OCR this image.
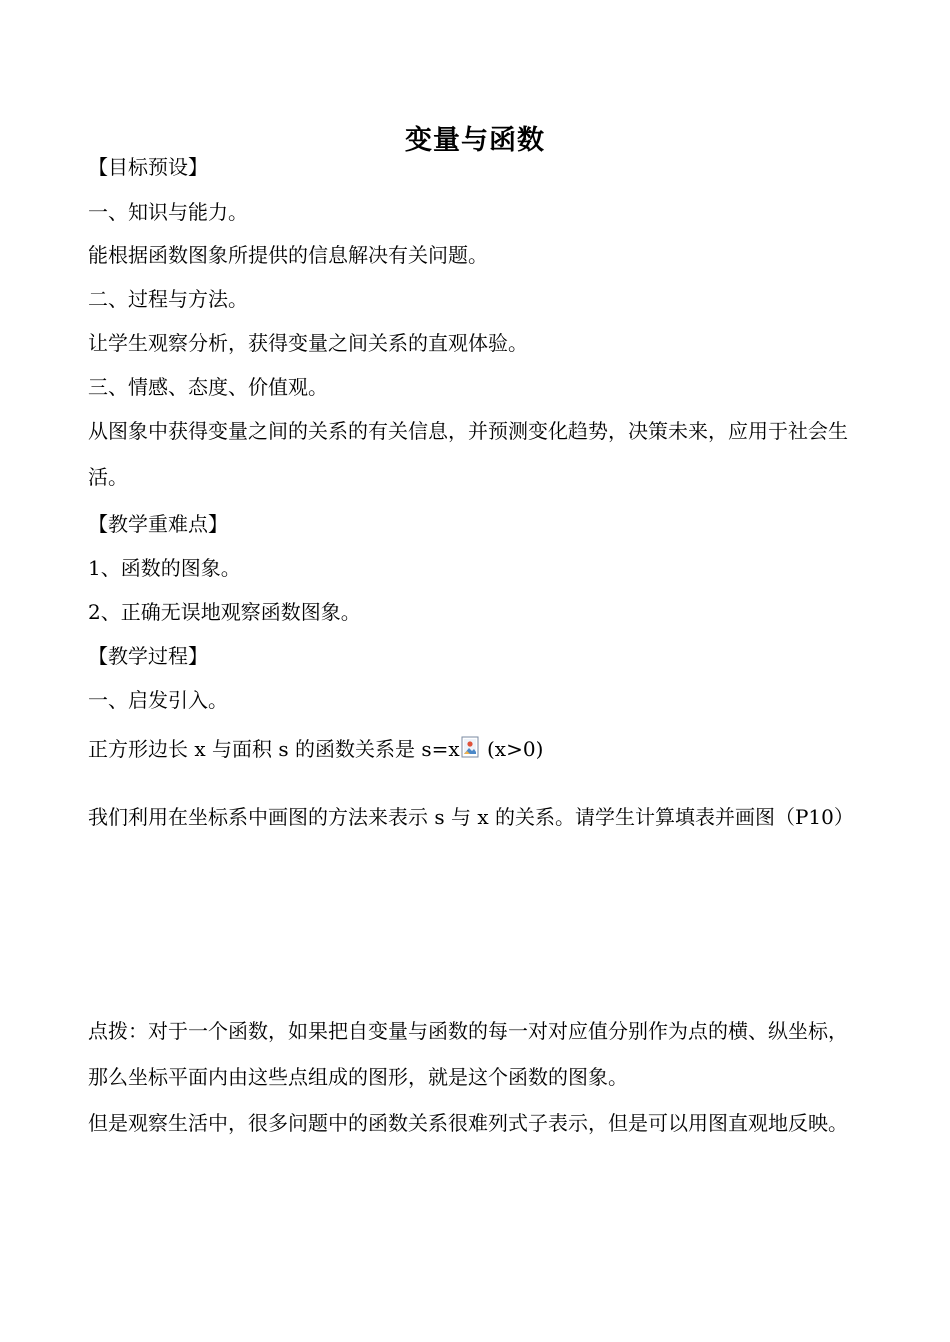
变量与函数
【目标预设】
一、知识与能力。
能根据函数图象所提供的信息解决有关问题。
二、过程与方法。
让学生观察分析，获得变量之间关系的直观体验。
三、情感、态度、价值观。
从图象中获得变量之间的关系的有关信息，并预测变化趋势，决策未来，应用于社会生活。
【教学重难点】
1、函数的图象。
2、正确无误地观察函数图象。
【教学过程】
一、启发引入。
正方形边长 x 与面积 s 的函数关系是 s=x (x>0)
我们利用在坐标系中画图的方法来表示 s 与 x 的关系。请学生计算填表并画图（P10）
点拨：对于一个函数，如果把自变量与函数的每一对对应值分别作为点的横、纵坐标，那么坐标平面内由这些点组成的图形，就是这个函数的图象。
但是观察生活中，很多问题中的函数关系很难列式子表示，但是可以用图直观地反映。
